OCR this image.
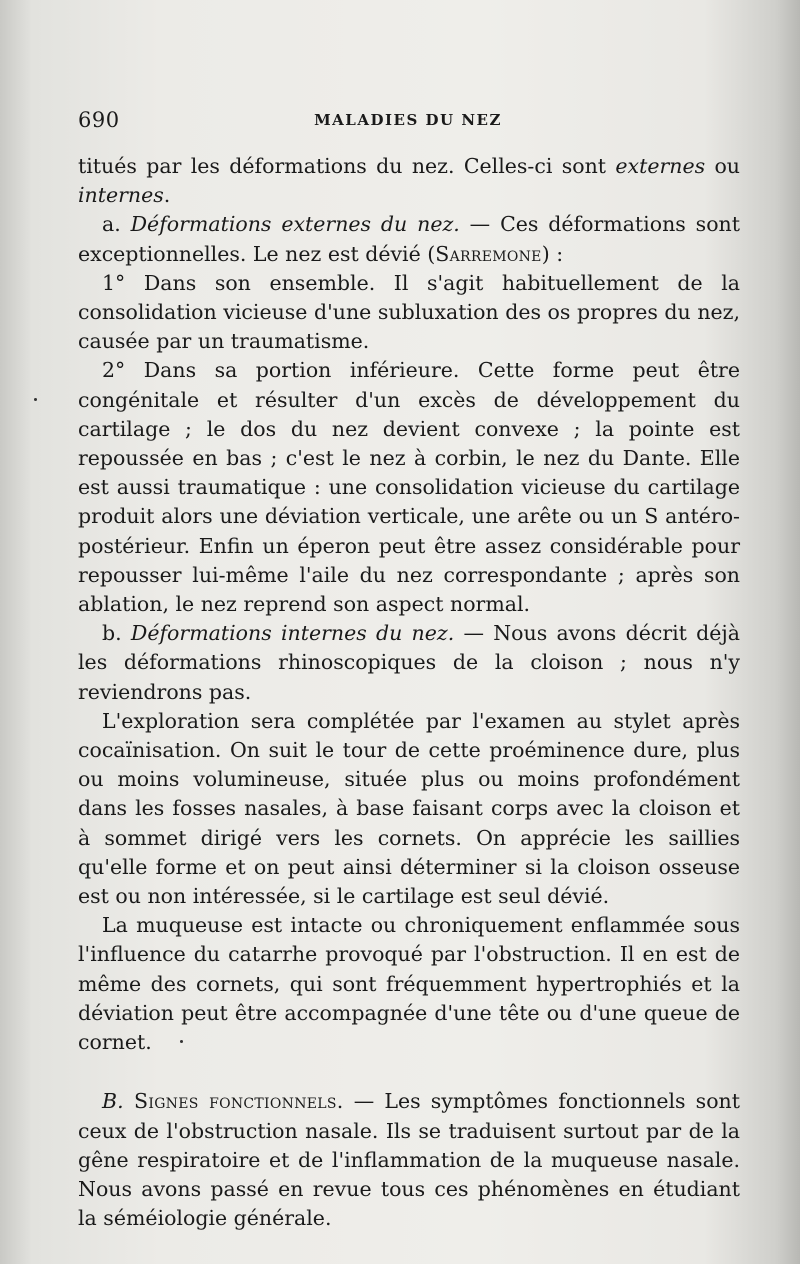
690	MALADIES DU NEZ

titués par les déformations du nez. Celles-ci sont externes ou internes.

a. Déformations externes du nez. — Ces déformations sont exceptionnelles. Le nez est dévié (Sarremone) :

1° Dans son ensemble. Il s'agit habituellement de la consolidation vicieuse d'une subluxation des os propres du nez, causée par un traumatisme.

2° Dans sa portion inférieure. Cette forme peut être congénitale et résulter d'un excès de développement du cartilage ; le dos du nez devient convexe ; la pointe est repoussée en bas ; c'est le nez à corbin, le nez du Dante. Elle est aussi traumatique : une consolidation vicieuse du cartilage produit alors une déviation verticale, une arête ou un S antéro-postérieur. Enfin un éperon peut être assez considérable pour repousser lui-même l'aile du nez correspondante ; après son ablation, le nez reprend son aspect normal.

b. Déformations internes du nez. — Nous avons décrit déjà les déformations rhinoscopiques de la cloison ; nous n'y reviendrons pas.

L'exploration sera complétée par l'examen au stylet après cocaïnisation. On suit le tour de cette proéminence dure, plus ou moins volumineuse, située plus ou moins profondément dans les fosses nasales, à base faisant corps avec la cloison et à sommet dirigé vers les cornets. On apprécie les saillies qu'elle forme et on peut ainsi déterminer si la cloison osseuse est ou non intéressée, si le cartilage est seul dévié.

La muqueuse est intacte ou chroniquement enflammée sous l'influence du catarrhe provoqué par l'obstruction. Il en est de même des cornets, qui sont fréquemment hypertrophiés et la déviation peut être accompagnée d'une tête ou d'une queue de cornet.

B. Signes fonctionnels. — Les symptômes fonctionnels sont ceux de l'obstruction nasale. Ils se traduisent surtout par de la gêne respiratoire et de l'inflammation de la muqueuse nasale. Nous avons passé en revue tous ces phénomènes en étudiant la séméiologie générale.
